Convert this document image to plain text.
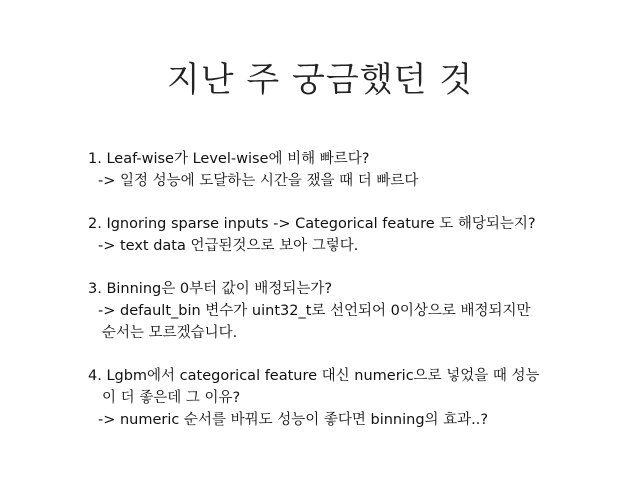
지난 주 궁금했던 것
1. Leaf-wise가 Level-wise에 비해 빠르다?
-> 일정 성능에 도달하는 시간을 쟀을 때 더 빠르다
2. Ignoring sparse inputs -> Categorical feature 도 해당되는지?
-> text data 언급된것으로 보아 그렇다.
3. Binning은 0부터 값이 배정되는가?
-> default_bin 변수가 uint32_t로 선언되어 0이상으로 배정되지만
순서는 모르겠습니다.
4. Lgbm에서 categorical feature 대신 numeric으로 넣었을 때 성능
이 더 좋은데 그 이유?
-> numeric 순서를 바꿔도 성능이 좋다면 binning의 효과..?
